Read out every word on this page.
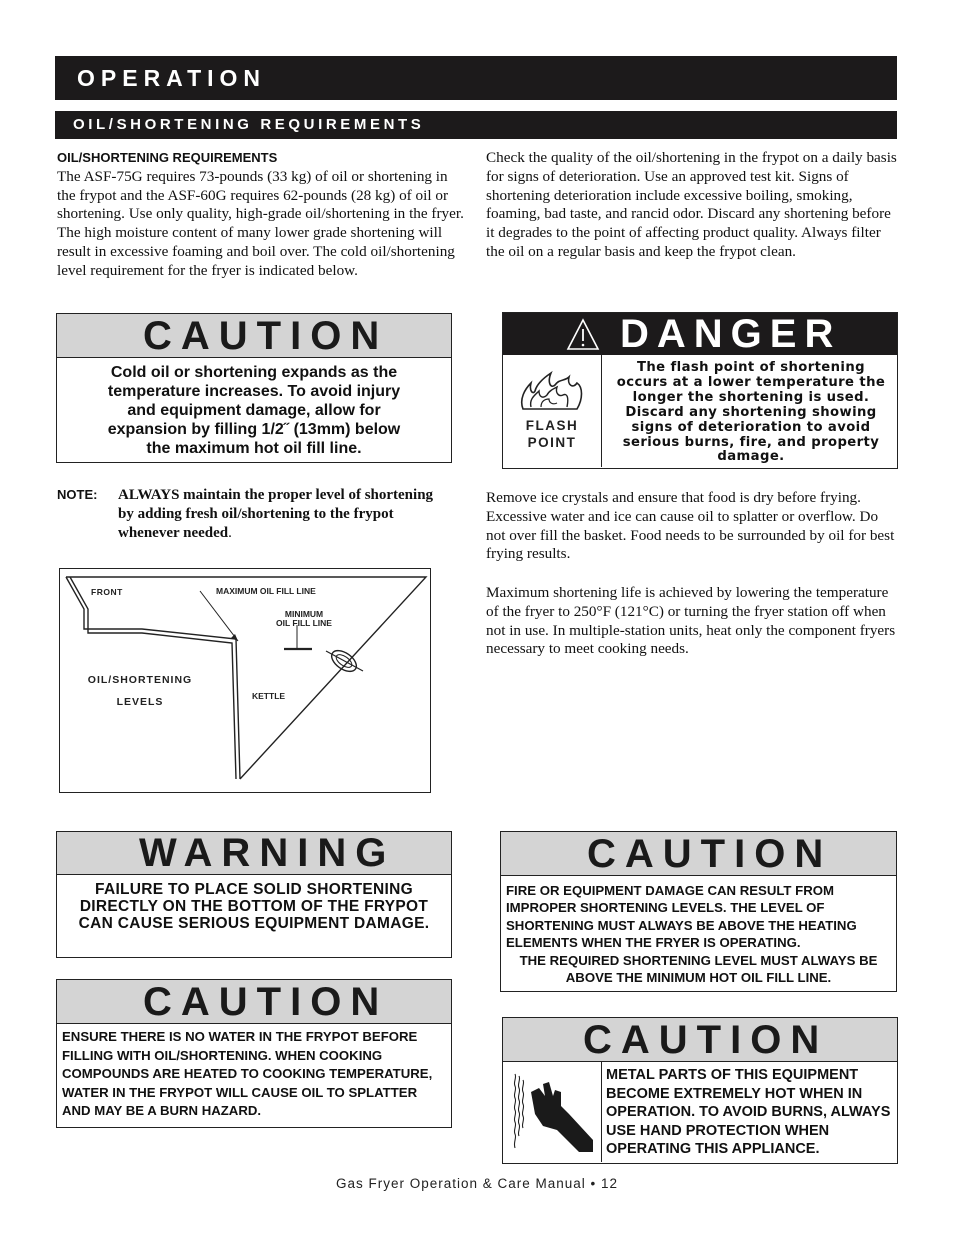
OPERATION
OIL/SHORTENING REQUIREMENTS
OIL/SHORTENING REQUIREMENTS
The ASF-75G requires 73-pounds (33 kg) of oil or shortening in the frypot and the ASF-60G requires 62-pounds (28 kg) of oil or shortening. Use only quality, high-grade oil/shortening in the fryer. The high moisture content of many lower grade shortening will result in excessive foaming and boil over. The cold oil/shortening level requirement for the fryer is indicated below.
Check the quality of the oil/shortening in the frypot on a daily basis for signs of deterioration. Use an approved test kit. Signs of shortening deterioration include excessive boiling, smoking, foaming, bad taste, and rancid odor. Discard any shortening before it degrades to the point of affecting product quality. Always filter the oil on a regular basis and keep the frypot clean.
CAUTION
Cold oil or shortening expands as the temperature increases. To avoid injury and equipment damage, allow for expansion by filling 1/2˝ (13mm) below the maximum hot oil fill line.
DANGER
FLASH
POINT
The flash point of shortening occurs at a lower temperature the longer the shortening is used. Discard any shortening showing signs of deterioration to avoid serious burns, fire, and property damage.
NOTE: ALWAYS maintain the proper level of shortening by adding fresh oil/shortening to the frypot whenever needed.
FRONT	MAXIMUM OIL FILL LINE
MINIMUM
OIL FILL LINE
OIL/SHORTENING
LEVELS	KETTLE
Remove ice crystals and ensure that food is dry before frying. Excessive water and ice can cause oil to splatter or overflow. Do not over fill the basket. Food needs to be surrounded by oil for best frying results.
Maximum shortening life is achieved by lowering the temperature of the fryer to 250°F (121°C) or turning the fryer station off when not in use. In multiple-station units, heat only the component fryers necessary to meet cooking needs.
WARNING
FAILURE TO PLACE SOLID SHORTENING DIRECTLY ON THE BOTTOM OF THE FRYPOT CAN CAUSE SERIOUS EQUIPMENT DAMAGE.
CAUTION
ENSURE THERE IS NO WATER IN THE FRYPOT BEFORE FILLING WITH OIL/SHORTENING. WHEN COOKING COMPOUNDS ARE HEATED TO COOKING TEMPERATURE, WATER IN THE FRYPOT WILL CAUSE OIL TO SPLATTER AND MAY BE A BURN HAZARD.
CAUTION
FIRE OR EQUIPMENT DAMAGE CAN RESULT FROM IMPROPER SHORTENING LEVELS. THE LEVEL OF SHORTENING MUST ALWAYS BE ABOVE THE HEATING ELEMENTS WHEN THE FRYER IS OPERATING.
THE REQUIRED SHORTENING LEVEL MUST ALWAYS BE ABOVE THE MINIMUM HOT OIL FILL LINE.
CAUTION
METAL PARTS OF THIS EQUIPMENT BECOME EXTREMELY HOT WHEN IN OPERATION. TO AVOID BURNS, ALWAYS USE HAND PROTECTION WHEN OPERATING THIS APPLIANCE.
Gas Fryer Operation & Care Manual • 12
